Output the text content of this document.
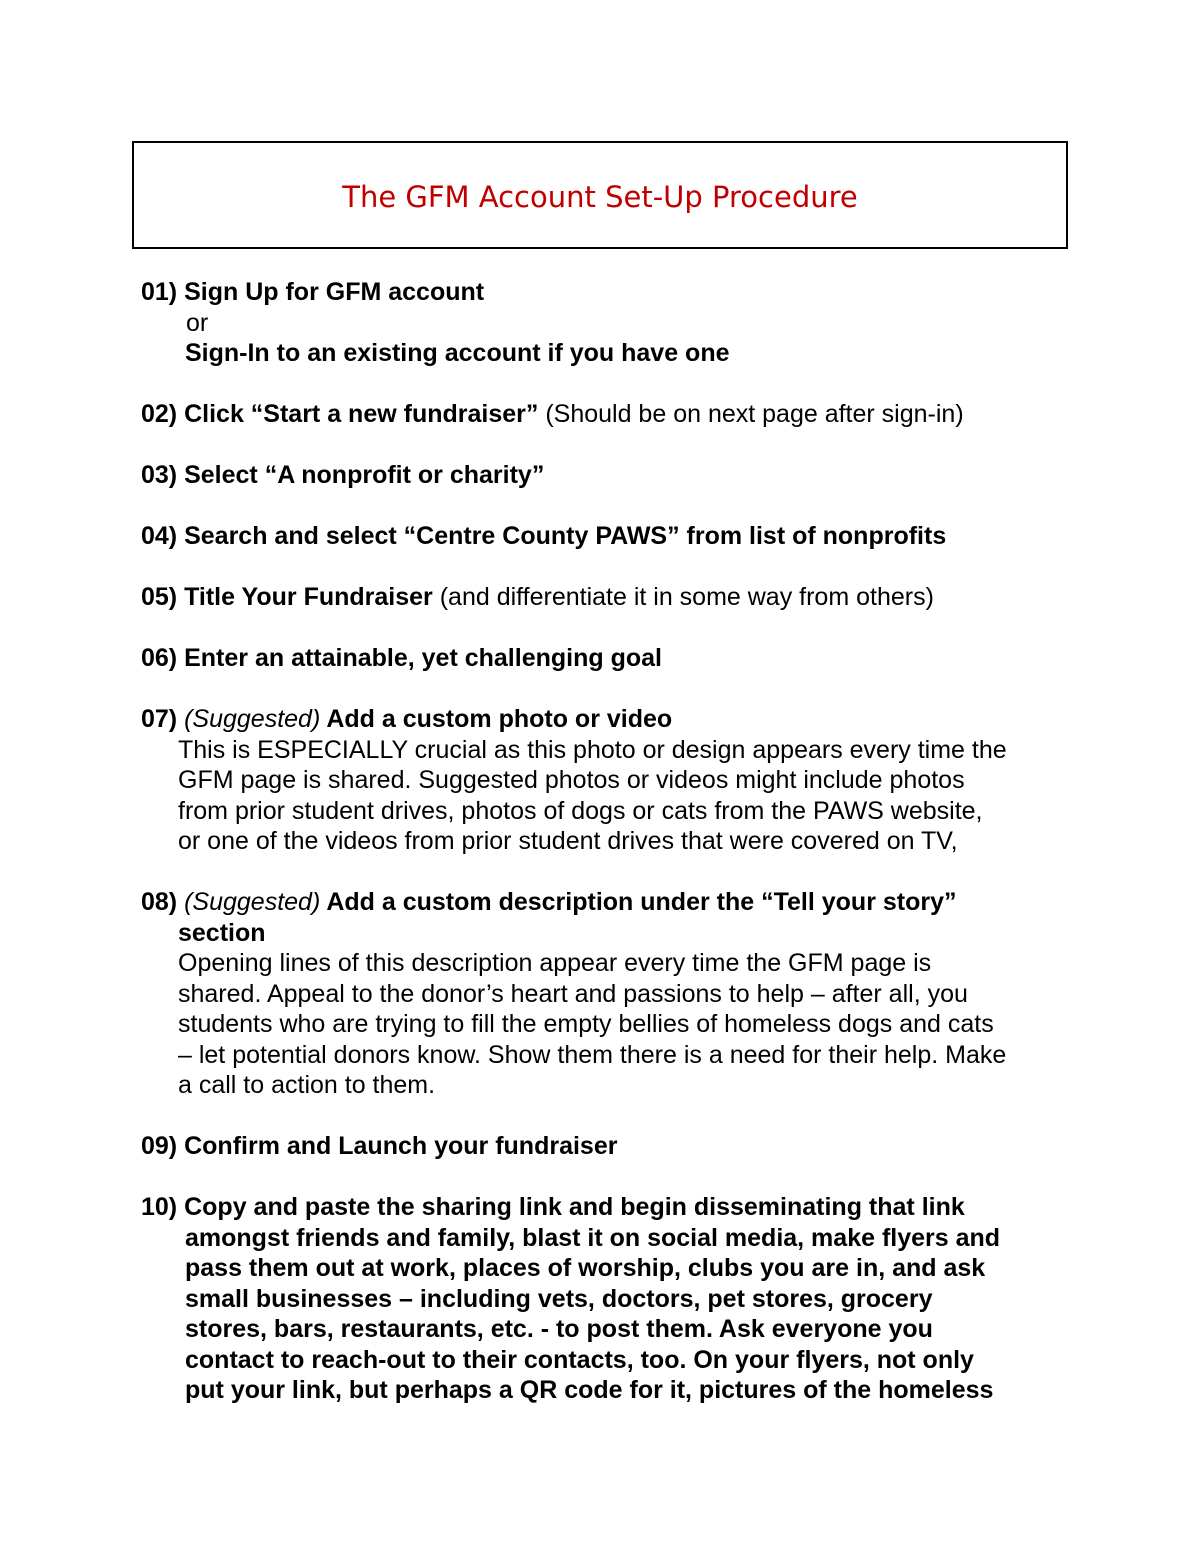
The GFM Account Set-Up Procedure
01) Sign Up for GFM account
or
Sign-In to an existing account if you have one
02) Click “Start a new fundraiser” (Should be on next page after sign-in)
03) Select “A nonprofit or charity”
04) Search and select “Centre County PAWS” from list of nonprofits
05) Title Your Fundraiser (and differentiate it in some way from others)
06) Enter an attainable, yet challenging goal
07) (Suggested) Add a custom photo or video
This is ESPECIALLY crucial as this photo or design appears every time the
GFM page is shared. Suggested photos or videos might include photos
from prior student drives, photos of dogs or cats from the PAWS website,
or one of the videos from prior student drives that were covered on TV,
08) (Suggested) Add a custom description under the “Tell your story”
section
Opening lines of this description appear every time the GFM page is
shared. Appeal to the donor’s heart and passions to help – after all, you
students who are trying to fill the empty bellies of homeless dogs and cats
– let potential donors know. Show them there is a need for their help. Make
a call to action to them.
09) Confirm and Launch your fundraiser
10) Copy and paste the sharing link and begin disseminating that link
amongst friends and family, blast it on social media, make flyers and
pass them out at work, places of worship, clubs you are in, and ask
small businesses – including vets, doctors, pet stores, grocery
stores, bars, restaurants, etc. - to post them. Ask everyone you
contact to reach-out to their contacts, too. On your flyers, not only
put your link, but perhaps a QR code for it, pictures of the homeless
